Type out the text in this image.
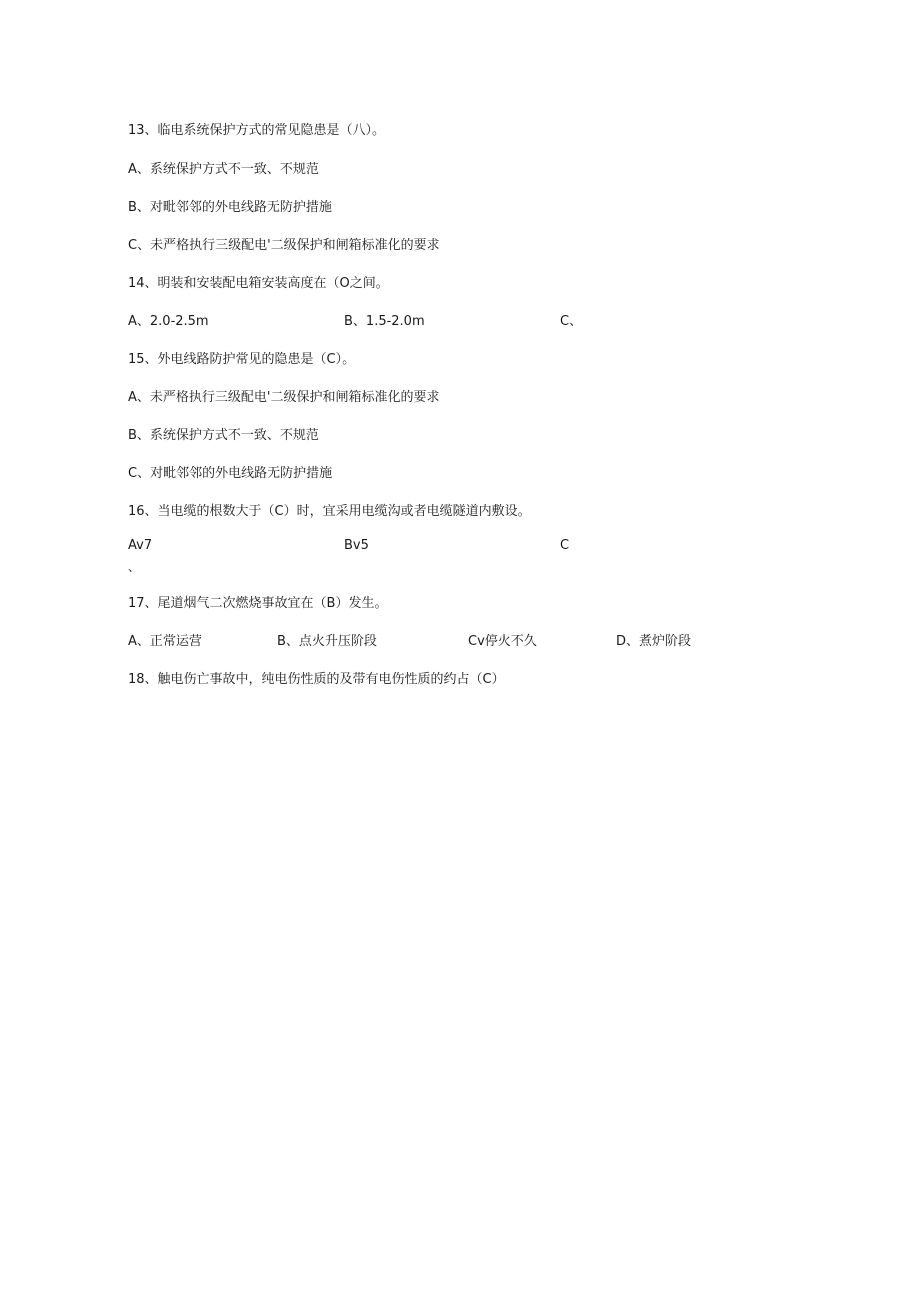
13、临电系统保护方式的常见隐患是（八）。
A、系统保护方式不一致、不规范
B、对毗邻邻的外电线路无防护措施
C、未严格执行三级配电'二级保护和闸箱标准化的要求
14、明装和安装配电箱安装高度在（O之间。
A、2.0-2.5m	B、1.5-2.0m	C、
15、外电线路防护常见的隐患是（C）。
A、未严格执行三级配电'二级保护和闸箱标准化的要求
B、系统保护方式不一致、不规范
C、对毗邻邻的外电线路无防护措施
16、当电缆的根数大于（C）时，宜采用电缆沟或者电缆隧道内敷设。
Av7	Bv5	C
、
17、尾道烟气二次燃烧事故宜在（B）发生。
A、正常运营	B、点火升压阶段	Cv停火不久	D、煮炉阶段
18、触电伤亡事故中，纯电伤性质的及带有电伤性质的约占（C）
